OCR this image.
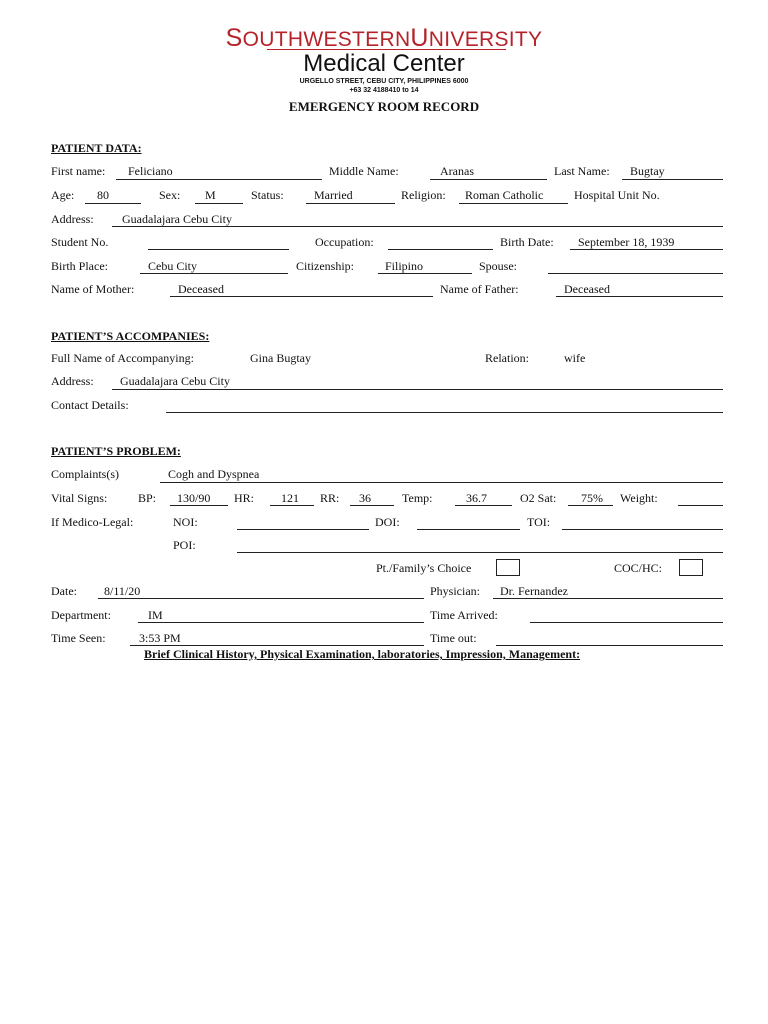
SOUTHWESTERNUNIVERSITY
Medical Center
URGELLO STREET, CEBU CITY, PHILIPPINES 6000
+63 32 4188410 to 14
EMERGENCY ROOM RECORD
PATIENT DATA:
First name: Feliciano	Middle Name:	Aranas	Last Name: Bugtay
Age: 80	Sex: M	Status:	Married	Religion: Roman Catholic	Hospital Unit No.
Address: Guadalajara Cebu City
Student No.	Occupation:	Birth Date: September 18, 1939
Birth Place:	Cebu City	Citizenship:	Filipino	Spouse:
Name of Mother:	Deceased	Name of Father:	Deceased
PATIENT’S ACCOMPANIES:
Full Name of Accompanying:	Gina Bugtay	Relation:	wife
Address: Guadalajara Cebu City
Contact Details:
PATIENT’S PROBLEM:
Complaints(s)	Cogh and Dyspnea
Vital Signs:	BP: 130/90 HR: 121 RR: 36	Temp:	36.7	O2 Sat: 75% Weight:
If Medico-Legal:	NOI:	DOI:	TOI:
POI:
Pt./Family’s Choice	COC/HC:
Date: 8/11/20	Physician: Dr. Fernandez
Department:	IM	Time Arrived:
Time Seen:	3:53 PM	Time out:
Brief Clinical History, Physical Examination, laboratories, Impression, Management:
